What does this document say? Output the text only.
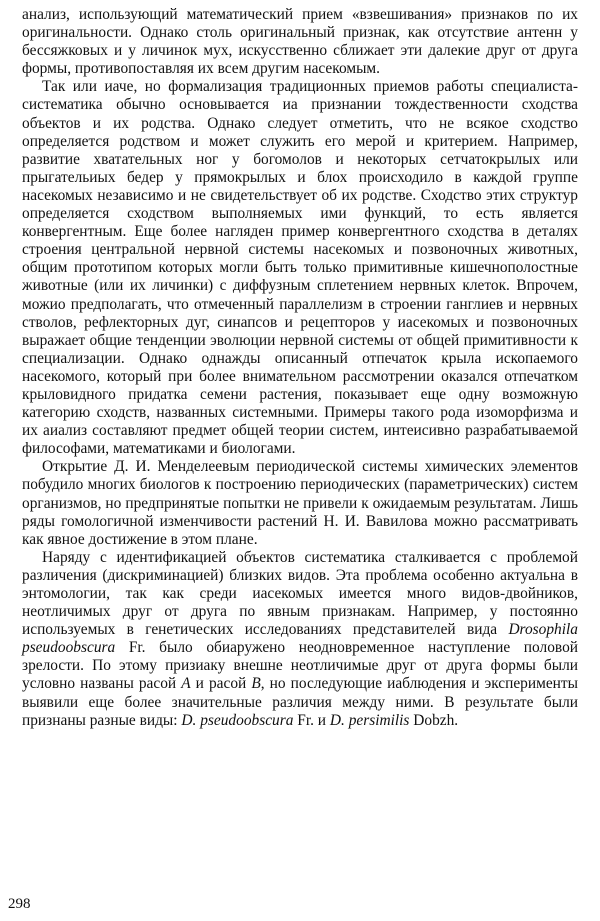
анализ, использующий математический прием «взвешивания» признаков по их оригинальности. Однако столь оригинальный признак, как отсутствие антенн у бессяжковых и у личинок мух, искусственно сближает эти далекие друг от друга формы, противопоставляя их всем другим насекомым.

Так или иаче, но формализация традиционных приемов работы специалиста-систематика обычно основывается иа признании тождественности сходства объектов и их родства. Однако следует отметить, что не всякое сходство определяется родством и может служить его мерой и критерием. Например, развитие хватательных ног у богомолов и некоторых сетчатокрылых или прыгательиых бедер у прямокрылых и блох происходило в каждой группе насекомых независимо и не свидетельствует об их родстве. Сходство этих структур определяется сходством выполняемых ими функций, то есть является конвергентным. Еще более нагляден пример конвергентного сходства в деталях строения центральной нервной системы насекомых и позвоночных животных, общим прототипом которых могли быть только примитивные кишечнополостные животные (или их личинки) с диффузным сплетением нервных клеток. Впрочем, можио предполагать, что отмеченный параллелизм в строении ганглиев и нервных стволов, рефлекторных дуг, синапсов и рецепторов у иасекомых и позвоночных выражает общие тенденции эволюции нервной системы от общей примитивности к специализации. Однако однажды описанный отпечаток крыла ископаемого насекомого, который при более внимательном рассмотрении оказался отпечатком крыловидного придатка семени растения, показывает еще одну возможную категорию сходств, названных системными. Примеры такого рода изоморфизма и их аиализ составляют предмет общей теории систем, интеисивно разрабатываемой философами, математиками и биологами.

Открытие Д. И. Менделеевым периодической системы химических элементов побудило многих биологов к построению периодических (параметрических) систем организмов, но предпринятые попытки не привели к ожидаемым результатам. Лишь ряды гомологичной изменчивости растений Н. И. Вавилова можно рассматривать как явное достижение в этом плане.

Наряду с идентификацией объектов систематика сталкивается с проблемой различения (дискриминацией) близких видов. Эта проблема особенно актуальна в энтомологии, так как среди иасекомых имеется много видов-двойников, неотличимых друг от друга по явным признакам. Например, у постоянно используемых в генетических исследованиях представителей вида Drosophila pseudoobscura Fr. было обиаружено неодновременное наступление половой зрелости. По этому призиаку внешне неотличимые друг от друга формы были условно названы расой A и расой B, но последующие иаблюдения и эксперименты выявили еще более значительные различия между ними. В результате были признаны разные виды: D. pseudoobscura Fr. и D. persimilis Dobzh.

298
